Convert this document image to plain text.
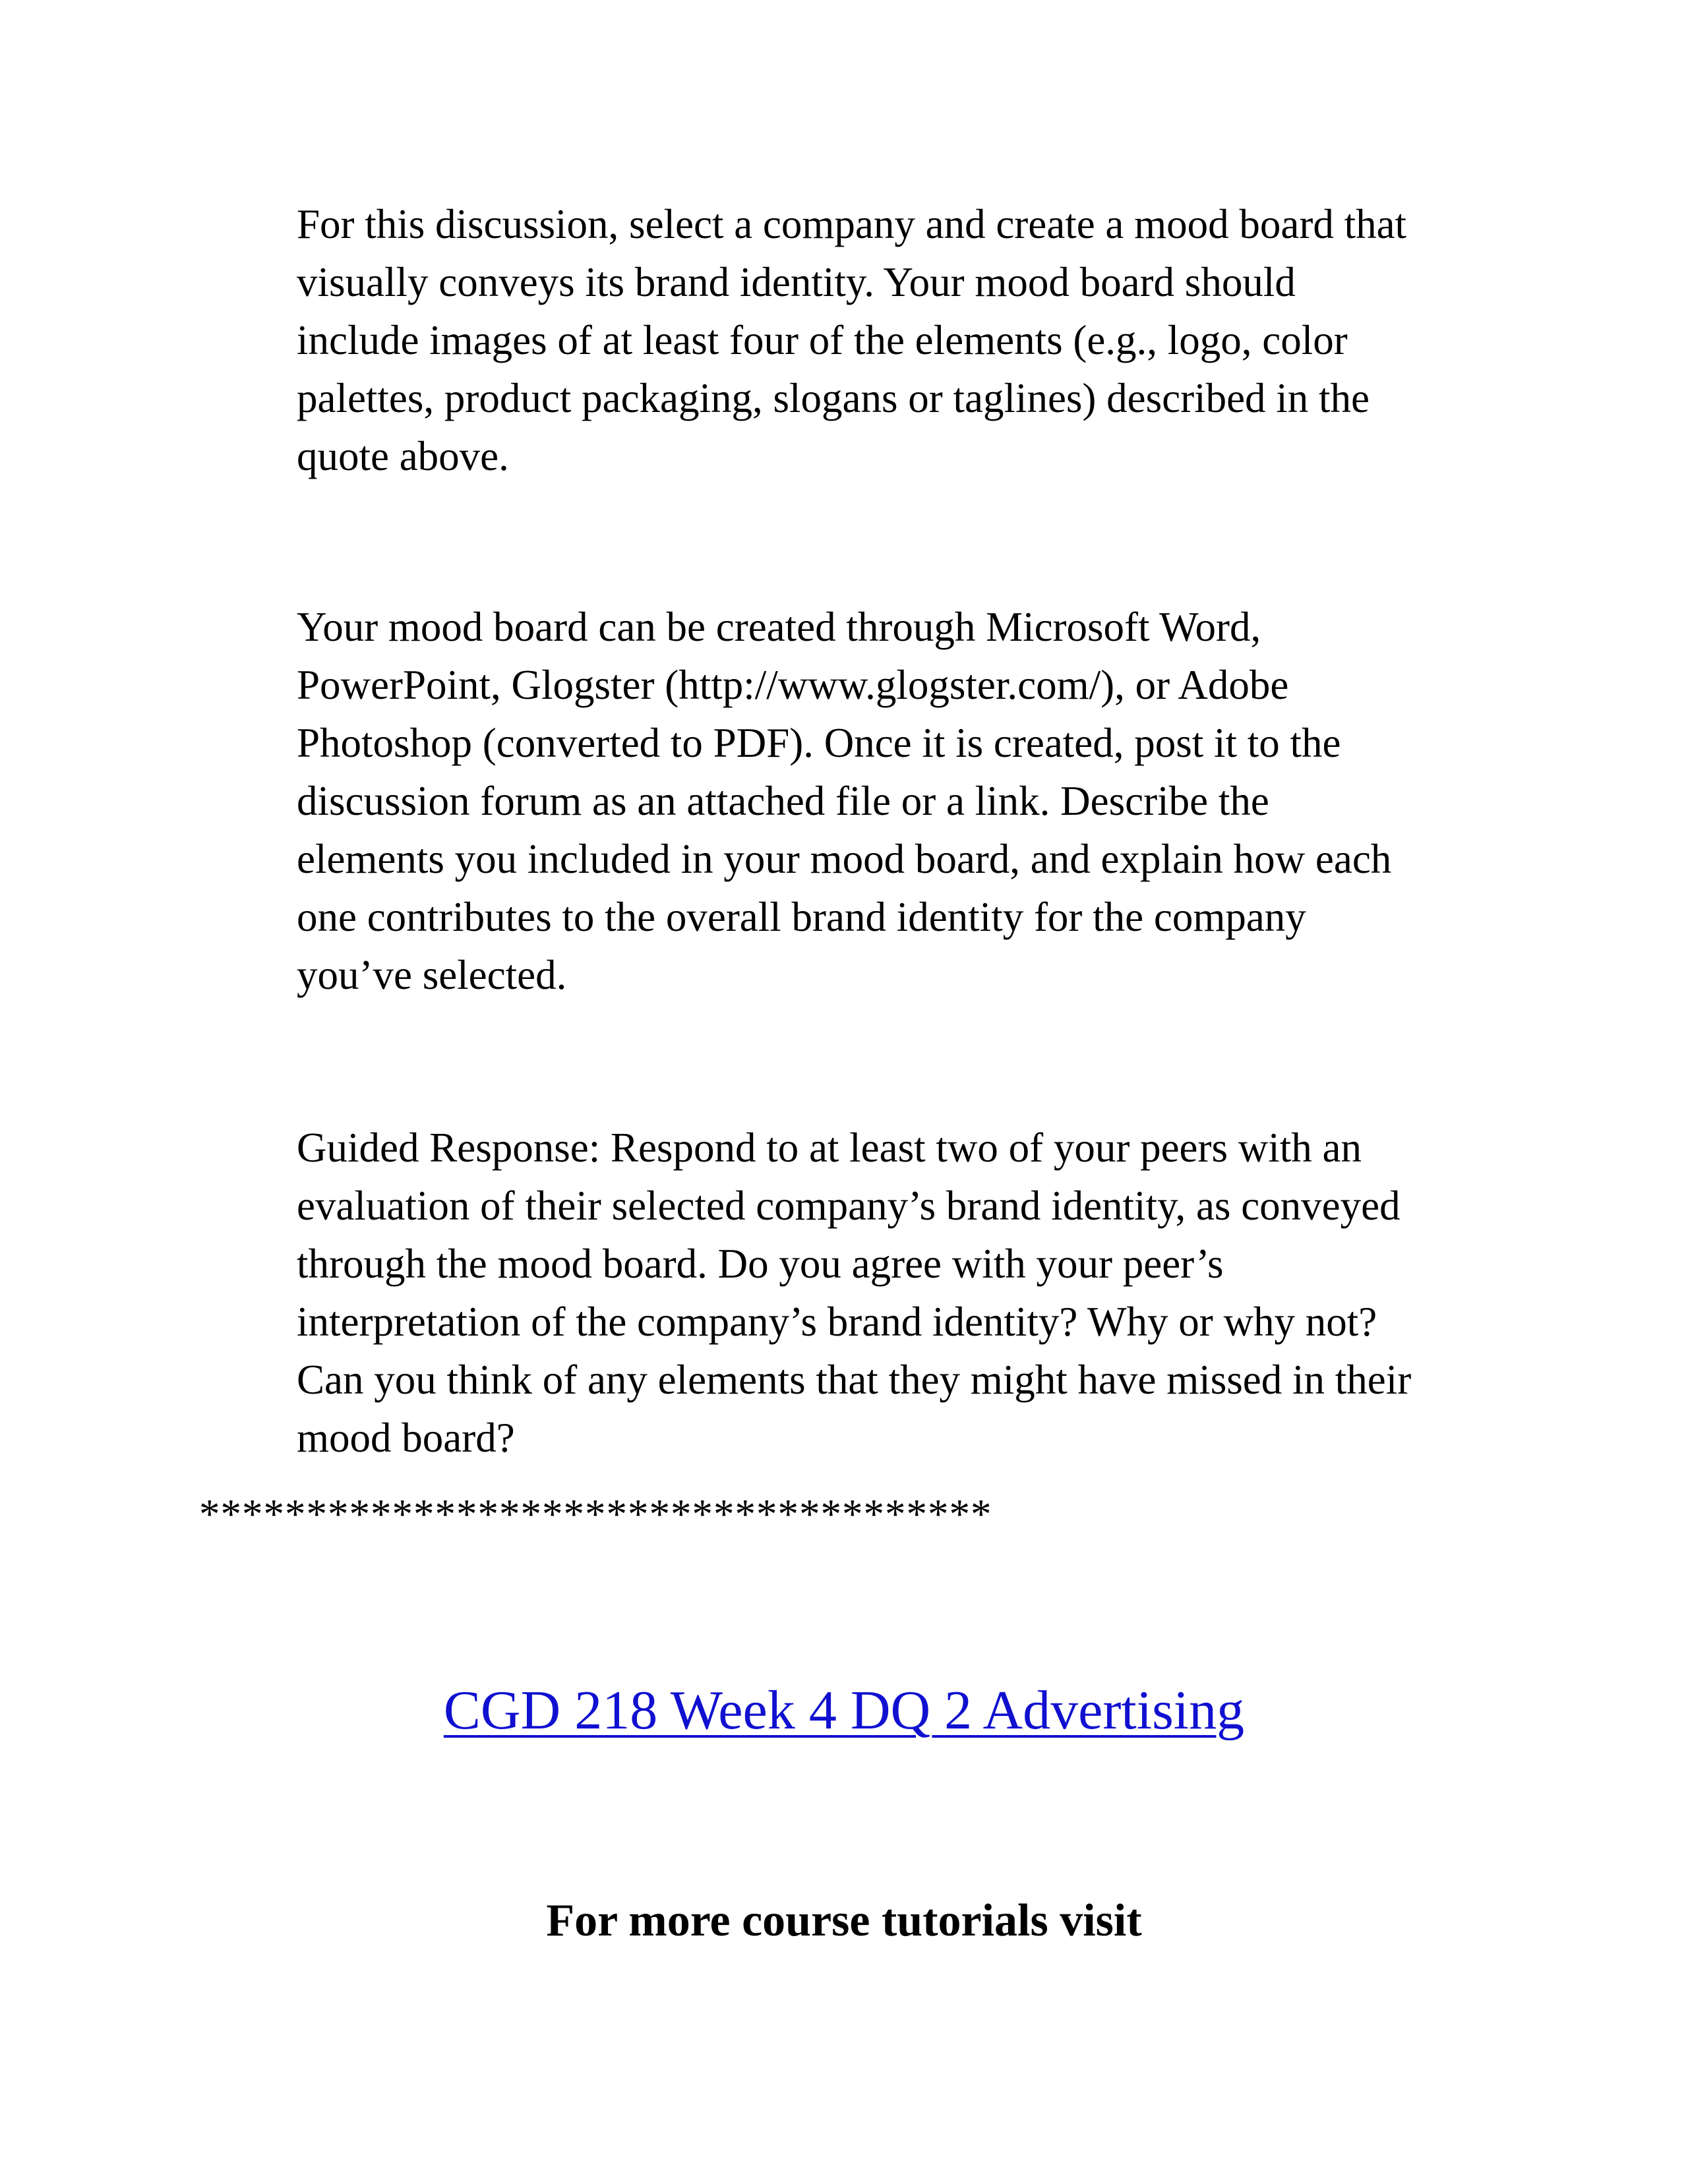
For this discussion, select a company and create a mood board that
visually conveys its brand identity. Your mood board should
include images of at least four of the elements (e.g., logo, color
palettes, product packaging, slogans or taglines) described in the
quote above.
Your mood board can be created through Microsoft Word,
PowerPoint, Glogster (http://www.glogster.com/), or Adobe
Photoshop (converted to PDF). Once it is created, post it to the
discussion forum as an attached file or a link. Describe the
elements you included in your mood board, and explain how each
one contributes to the overall brand identity for the company
you’ve selected.
Guided Response: Respond to at least two of your peers with an
evaluation of their selected company’s brand identity, as conveyed
through the mood board. Do you agree with your peer’s
interpretation of the company’s brand identity? Why or why not?
Can you think of any elements that they might have missed in their
mood board?
*************************************
CGD 218 Week 4 DQ 2 Advertising
For more course tutorials visit
